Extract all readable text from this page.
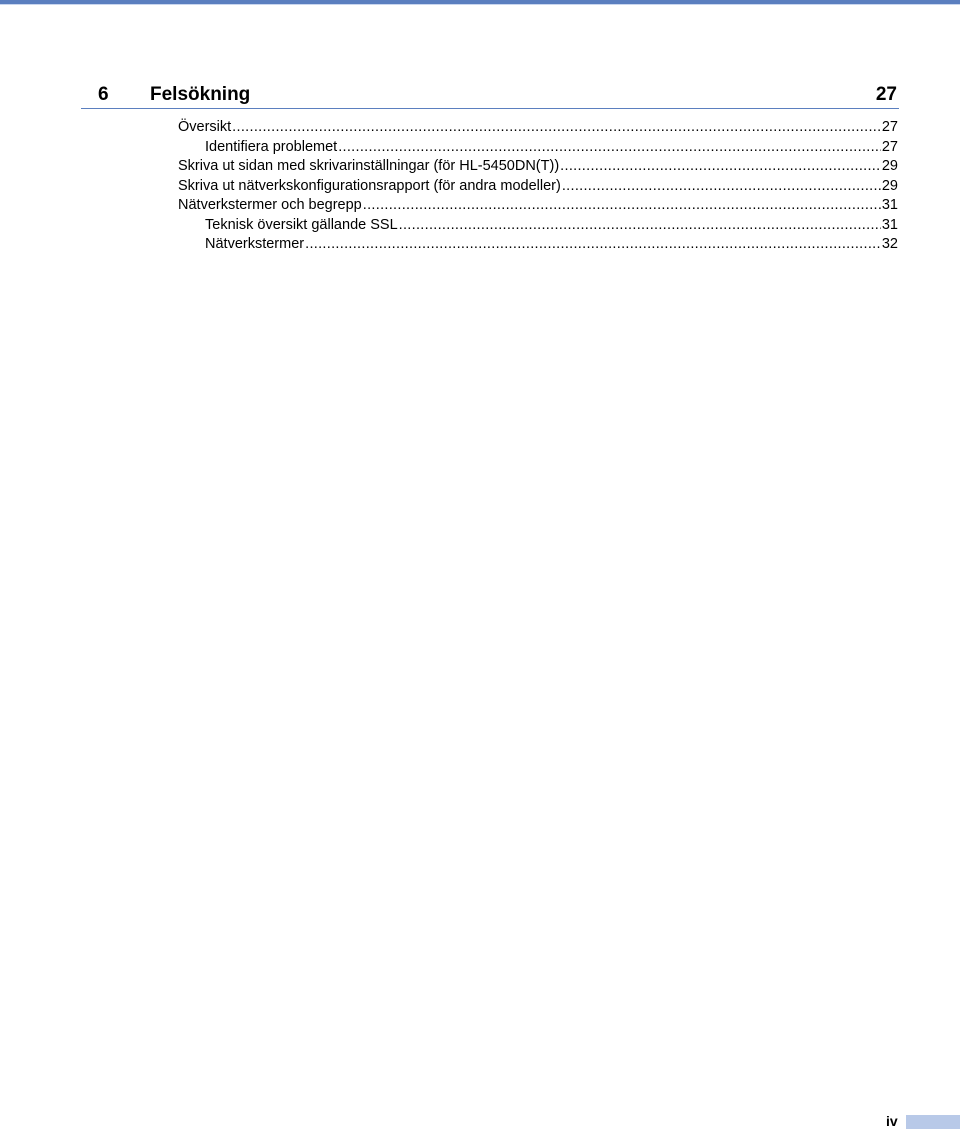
6 Felsökning	27
Översikt .....	27
Identifiera problemet .....	27
Skriva ut sidan med skrivarinställningar (för HL-5450DN(T)) .....	29
Skriva ut nätverkskonfigurationsrapport (för andra modeller) .....	29
Nätverkstermer och begrepp .....	31
Teknisk översikt gällande SSL .....	31
Nätverkstermer .....	32
iv
